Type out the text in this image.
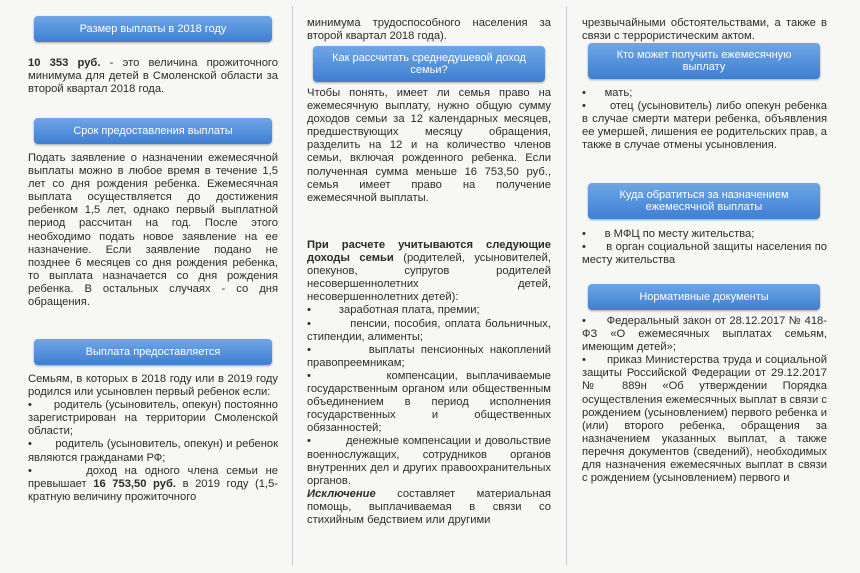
Размер выплаты в 2018 году

10 353 руб. - это величина прожиточного минимума для детей в Смоленской области за второй квартал 2018 года.

Срок предоставления выплаты

Подать заявление о назначении ежемесячной выплаты можно в любое время в течение 1,5 лет со дня рождения ребенка. Ежемесячная выплата осуществляется до достижения ребенком 1,5 лет, однако первый выплатной период рассчитан на год. После этого необходимо подать новое заявление на ее назначение. Если заявление подано не позднее 6 месяцев со дня рождения ребенка, то выплата назначается со дня рождения ребенка. В остальных случаях - со дня обращения.

Выплата предоставляется

Семьям, в которых в 2018 году или в 2019 году родился или усыновлен первый ребенок если:

• родитель (усыновитель, опекун) постоянно зарегистрирован на территории Смоленской области;

• родитель (усыновитель, опекун) и ребенок являются гражданами РФ;

•	доход на одного члена семьи не превышает 16 753,50 руб. в 2019 году (1,5-кратную величину прожиточного

минимума трудоспособного населения за второй квартал 2018 года).

Как рассчитать среднедушевой доход семьи?

Чтобы понять, имеет ли семья право на ежемесячную выплату, нужно общую сумму доходов семьи за 12 календарных месяцев, предшествующих месяцу обращения, разделить на 12 и на количество членов семьи, включая рожденного ребенка. Если полученная сумма меньше 16 753,50 руб., семья имеет право на получение ежемесячной выплаты.

При расчете учитываются следующие доходы семьи (родителей, усыновителей, опекунов, супругов родителей несовершеннолетних детей, несовершеннолетних детей):

• заработная плата, премии;

•	пенсии, пособия, оплата больничных, стипендии, алименты;

•	выплаты пенсионных накоплений правопреемникам;

•	компенсации, выплачиваемые государственным органом или общественным объединением в период исполнения государственных и общественных обязанностей;

•	денежные компенсации и довольствие военнослужащих, сотрудников органов внутренних дел и других правоохранительных органов.

Исключение составляет материальная помощь, выплачиваемая в связи со стихийным бедствием или другими

чрезвычайными обстоятельствами, а также в связи с террористическим актом.

Кто может получить ежемесячную выплату

• мать;

• отец (усыновитель) либо опекун ребенка в случае смерти матери ребенка, объявления ее умершей, лишения ее родительских прав, а также в случае отмены усыновления.

Куда обратиться за назначением ежемесячной выплаты

• в МФЦ по месту жительства;

• в орган социальной защиты населения по месту жительства

Нормативные документы

• Федеральный закон от 28.12.2017 № 418-ФЗ «О ежемесячных выплатах семьям, имеющим детей»;

• приказ Министерства труда и социальной защиты Российской Федерации от 29.12.2017 № 889н «Об утверждении Порядка осуществления ежемесячных выплат в связи с рождением (усыновлением) первого ребенка и (или) второго ребенка, обращения за назначением указанных выплат, а также перечня документов (сведений), необходимых для назначения ежемесячных выплат в связи с рождением (усыновлением) первого и
